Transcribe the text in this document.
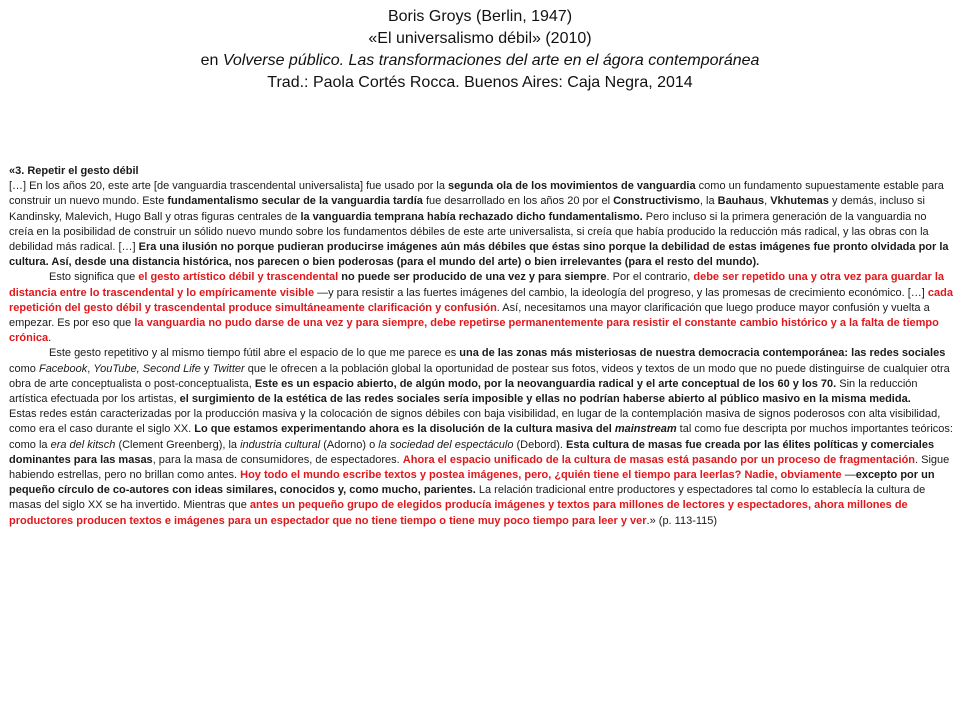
Boris Groys (Berlin, 1947)
«El universalismo débil» (2010)
en Volverse público. Las transformaciones del arte en el ágora contemporánea
Trad.: Paola Cortés Rocca. Buenos Aires: Caja Negra, 2014

«3. Repetir el gesto débil

[…] En los años 20, este arte [de vanguardia trascendental universalista] fue usado por la segunda ola de los movimientos de vanguardia como un fundamento supuestamente estable para construir un nuevo mundo. Este fundamentalismo secular de la vanguardia tardía fue desarrollado en los años 20 por el Constructivismo, la Bauhaus, Vkhutemas y demás, incluso si Kandinsky, Malevich, Hugo Ball y otras figuras centrales de la vanguardia temprana había rechazado dicho fundamentalismo. Pero incluso si la primera generación de la vanguardia no creía en la posibilidad de construir un sólido nuevo mundo sobre los fundamentos débiles de este arte universalista, si creía que había producido la reducción más radical, y las obras con la debilidad más radical. […] Era una ilusión no porque pudieran producirse imágenes aún más débiles que éstas sino porque la debilidad de estas imágenes fue pronto olvidada por la cultura. Así, desde una distancia histórica, nos parecen o bien poderosas (para el mundo del arte) o bien irrelevantes (para el resto del mundo).

Esto significa que el gesto artístico débil y trascendental no puede ser producido de una vez y para siempre. Por el contrario, debe ser repetido una y otra vez para guardar la distancia entre lo trascendental y lo empíricamente visible —y para resistir a las fuertes imágenes del cambio, la ideología del progreso, y las promesas de crecimiento económico. […] cada repetición del gesto débil y trascendental produce simultáneamente clarificación y confusión. Así, necesitamos una mayor clarificación que luego produce mayor confusión y vuelta a empezar. Es por eso que la vanguardia no pudo darse de una vez y para siempre, debe repetirse permanentemente para resistir el constante cambio histórico y a la falta de tiempo crónica.

Este gesto repetitivo y al mismo tiempo fútil abre el espacio de lo que me parece es una de las zonas más misteriosas de nuestra democracia contemporánea: las redes sociales como Facebook, YouTube, Second Life y Twitter que le ofrecen a la población global la oportunidad de postear sus fotos, videos y textos de un modo que no puede distinguirse de cualquier otra obra de arte conceptualista o post-conceptualista, Este es un espacio abierto, de algún modo, por la neovanguardia radical y el arte conceptual de los 60 y los 70. Sin la reducción artística efectuada por los artistas, el surgimiento de la estética de las redes sociales sería imposible y ellas no podrían haberse abierto al público masivo en la misma medida.

Estas redes están caracterizadas por la producción masiva y la colocación de signos débiles con baja visibilidad, en lugar de la contemplación masiva de signos poderosos con alta visibilidad, como era el caso durante el siglo XX. Lo que estamos experimentando ahora es la disolución de la cultura masiva del mainstream tal como fue descripta por muchos importantes teóricos: como la era del kitsch (Clement Greenberg), la industria cultural (Adorno) o la sociedad del espectáculo (Debord). Esta cultura de masas fue creada por las élites políticas y comerciales dominantes para las masas, para la masa de consumidores, de espectadores. Ahora el espacio unificado de la cultura de masas está pasando por un proceso de fragmentación. Sigue habiendo estrellas, pero no brillan como antes. Hoy todo el mundo escribe textos y postea imágenes, pero, ¿quién tiene el tiempo para leerlas? Nadie, obviamente —excepto por un pequeño círculo de co-autores con ideas similares, conocidos y, como mucho, parientes. La relación tradicional entre productores y espectadores tal como lo establecía la cultura de masas del siglo XX se ha invertido. Mientras que antes un pequeño grupo de elegidos producía imágenes y textos para millones de lectores y espectadores, ahora millones de productores producen textos e imágenes para un espectador que no tiene tiempo o tiene muy poco tiempo para leer y ver.» (p. 113-115)
